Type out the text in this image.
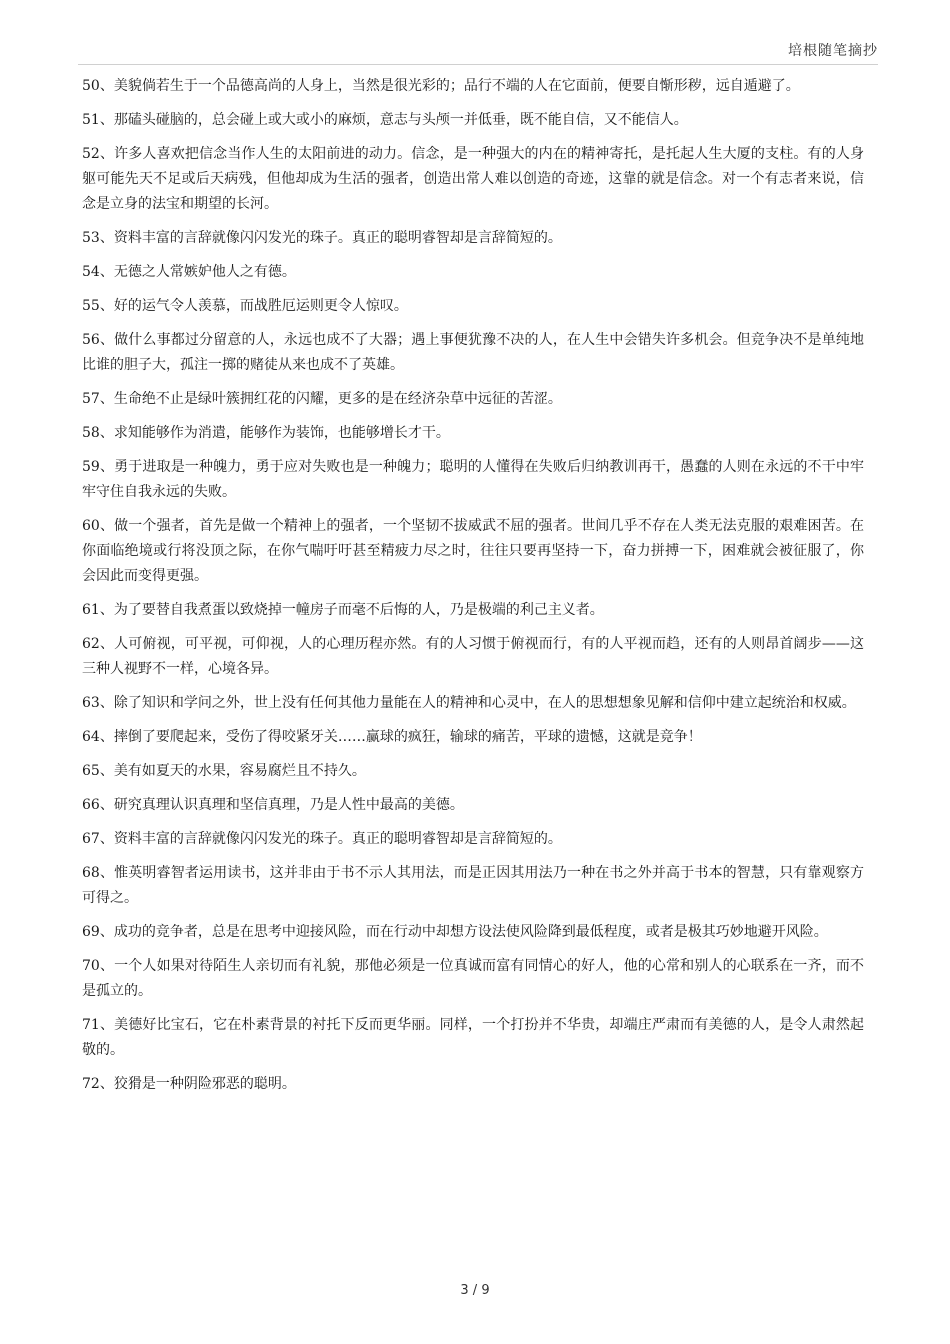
培根随笔摘抄

50、美貌倘若生于一个品德高尚的人身上，当然是很光彩的；品行不端的人在它面前，便要自惭形秽，远自遁避了。

51、那磕头碰脑的，总会碰上或大或小的麻烦，意志与头颅一并低垂，既不能自信，又不能信人。

52、许多人喜欢把信念当作人生的太阳前进的动力。信念，是一种强大的内在的精神寄托，是托起人生大厦的支柱。有的人身躯可能先天不足或后天病残，但他却成为生活的强者，创造出常人难以创造的奇迹，这靠的就是信念。对一个有志者来说，信念是立身的法宝和期望的长河。

53、资料丰富的言辞就像闪闪发光的珠子。真正的聪明睿智却是言辞简短的。

54、无德之人常嫉妒他人之有德。

55、好的运气令人羡慕，而战胜厄运则更令人惊叹。

56、做什么事都过分留意的人，永远也成不了大器；遇上事便犹豫不决的人，在人生中会错失许多机会。但竞争决不是单纯地比谁的胆子大，孤注一掷的赌徒从来也成不了英雄。

57、生命绝不止是绿叶簇拥红花的闪耀，更多的是在经济杂草中远征的苦涩。

58、求知能够作为消遣，能够作为装饰，也能够增长才干。

59、勇于进取是一种魄力，勇于应对失败也是一种魄力；聪明的人懂得在失败后归纳教训再干，愚蠢的人则在永远的不干中牢牢守住自我永远的失败。

60、做一个强者，首先是做一个精神上的强者，一个坚韧不拔威武不屈的强者。世间几乎不存在人类无法克服的艰难困苦。在你面临绝境或行将没顶之际，在你气喘吁吁甚至精疲力尽之时，往往只要再坚持一下，奋力拼搏一下，困难就会被征服了，你会因此而变得更强。

61、为了要替自我煮蛋以致烧掉一幢房子而毫不后悔的人，乃是极端的利己主义者。

62、人可俯视，可平视，可仰视，人的心理历程亦然。有的人习惯于俯视而行，有的人平视而趋，还有的人则昂首阔步——这三种人视野不一样，心境各异。

63、除了知识和学问之外，世上没有任何其他力量能在人的精神和心灵中，在人的思想想象见解和信仰中建立起统治和权威。

64、摔倒了要爬起来，受伤了得咬紧牙关……赢球的疯狂，输球的痛苦，平球的遗憾，这就是竞争！

65、美有如夏天的水果，容易腐烂且不持久。

66、研究真理认识真理和坚信真理，乃是人性中最高的美德。

67、资料丰富的言辞就像闪闪发光的珠子。真正的聪明睿智却是言辞简短的。

68、惟英明睿智者运用读书，这并非由于书不示人其用法，而是正因其用法乃一种在书之外并高于书本的智慧，只有靠观察方可得之。

69、成功的竞争者，总是在思考中迎接风险，而在行动中却想方设法使风险降到最低程度，或者是极其巧妙地避开风险。

70、一个人如果对待陌生人亲切而有礼貌，那他必须是一位真诚而富有同情心的好人，他的心常和别人的心联系在一齐，而不是孤立的。

71、美德好比宝石，它在朴素背景的衬托下反而更华丽。同样，一个打扮并不华贵，却端庄严肃而有美德的人，是令人肃然起敬的。

72、狡猾是一种阴险邪恶的聪明。

3 / 9
